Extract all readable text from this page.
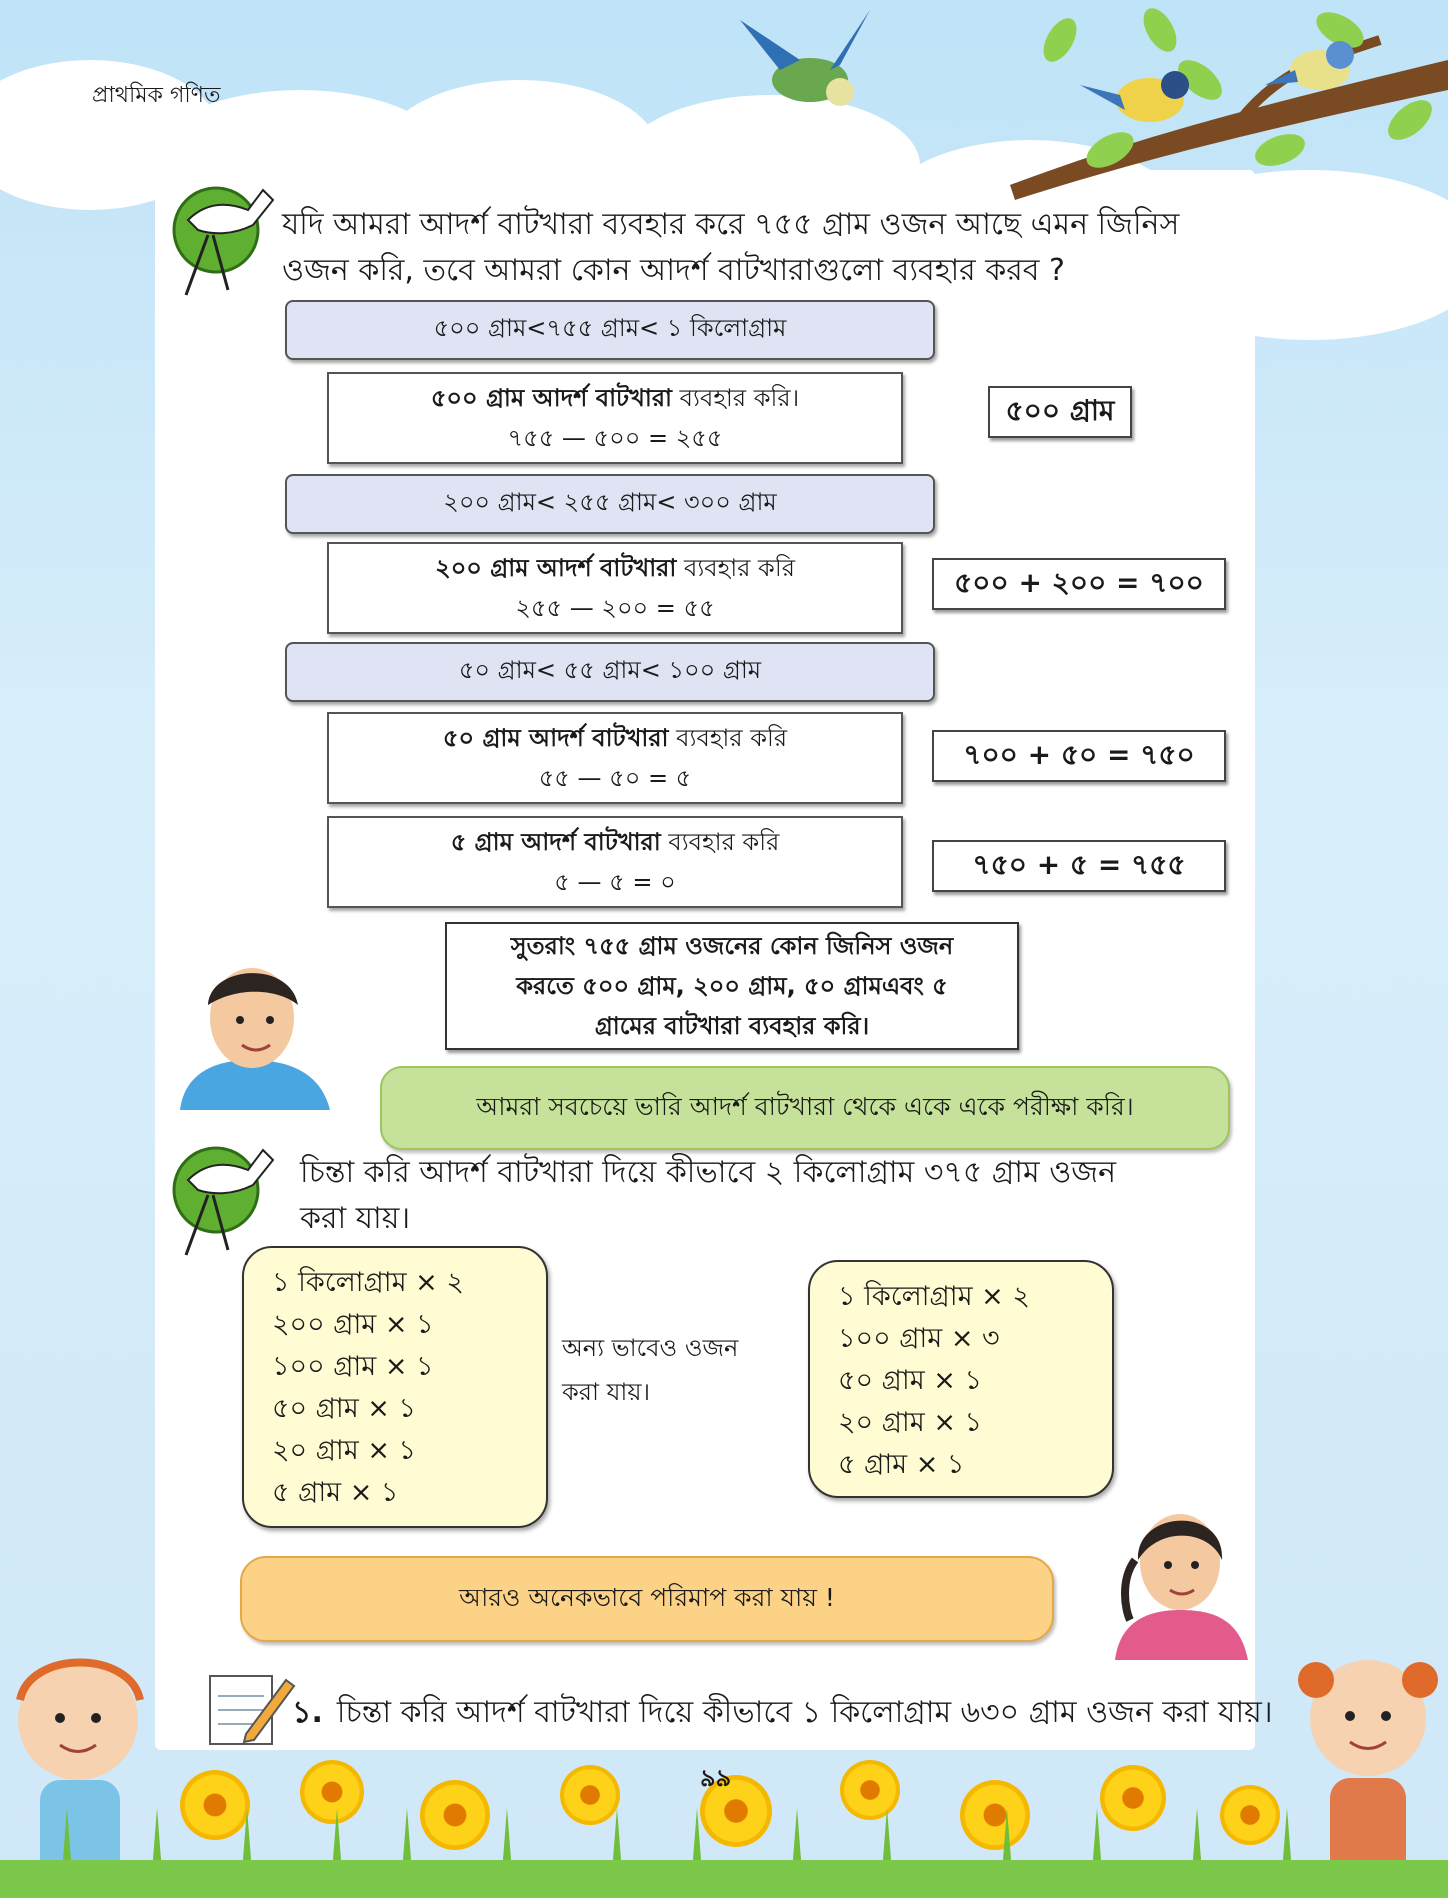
প্রাথমিক গণিত
যদি আমরা আদর্শ বাটখারা ব্যবহার করে ৭৫৫ গ্রাম ওজন আছে এমন জিনিস
ওজন করি, তবে আমরা কোন আদর্শ বাটখারাগুলো ব্যবহার করব ?
৫০০ গ্রাম<৭৫৫ গ্রাম< ১ কিলোগ্রাম
৫০০ গ্রাম আদর্শ বাটখারা ব্যবহার করি।
৭৫৫ — ৫০০ = ২৫৫
৫০০ গ্রাম
২০০ গ্রাম< ২৫৫ গ্রাম< ৩০০ গ্রাম
২০০ গ্রাম আদর্শ বাটখারা ব্যবহার করি
২৫৫ — ২০০ = ৫৫
৫০০ + ২০০ = ৭০০
৫০ গ্রাম< ৫৫ গ্রাম< ১০০ গ্রাম
৫০ গ্রাম আদর্শ বাটখারা ব্যবহার করি
৫৫ — ৫০ = ৫
৭০০ + ৫০ = ৭৫০
৫ গ্রাম আদর্শ বাটখারা ব্যবহার করি
৫ — ৫ = ০
৭৫০ + ৫ = ৭৫৫
সুতরাং ৭৫৫ গ্রাম ওজনের কোন জিনিস ওজন
করতে ৫০০ গ্রাম, ২০০ গ্রাম, ৫০ গ্রামএবং ৫
গ্রামের বাটখারা ব্যবহার করি।
আমরা সবচেয়ে ভারি আদর্শ বাটখারা থেকে একে একে পরীক্ষা করি।
চিন্তা করি আদর্শ বাটখারা দিয়ে কীভাবে ২ কিলোগ্রাম ৩৭৫ গ্রাম ওজন
করা যায়।
১ কিলোগ্রাম × ২
২০০ গ্রাম × ১
১০০ গ্রাম × ১
৫০ গ্রাম × ১
২০ গ্রাম × ১
৫ গ্রাম × ১
অন্য ভাবেও ওজন
করা যায়।
১ কিলোগ্রাম × ২
১০০ গ্রাম × ৩
৫০ গ্রাম × ১
২০ গ্রাম × ১
৫ গ্রাম × ১
আরও অনেকভাবে পরিমাপ করা যায় !
১. চিন্তা করি আদর্শ বাটখারা দিয়ে কীভাবে ১ কিলোগ্রাম ৬৩০ গ্রাম ওজন করা যায়।
৯৯
